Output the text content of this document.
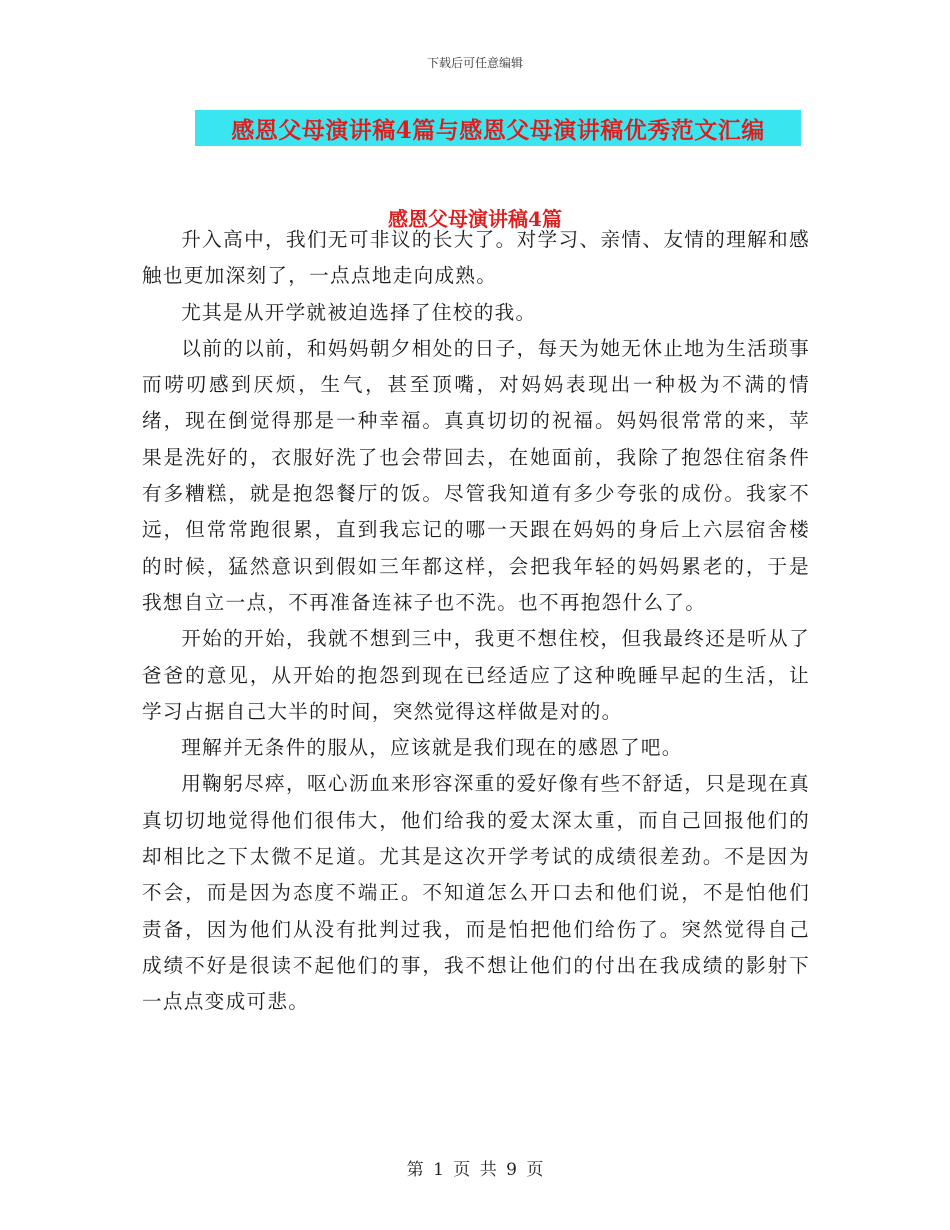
下载后可任意编辑
感恩父母演讲稿4篇与感恩父母演讲稿优秀范文汇编
感恩父母演讲稿4篇

升入高中，我们无可非议的长大了。对学习、亲情、友情的理解和感触也更加深刻了，一点点地走向成熟。

尤其是从开学就被迫选择了住校的我。

以前的以前，和妈妈朝夕相处的日子，每天为她无休止地为生活琐事而唠叨感到厌烦，生气，甚至顶嘴，对妈妈表现出一种极为不满的情绪，现在倒觉得那是一种幸福。真真切切的祝福。妈妈很常常的来，苹果是洗好的，衣服好洗了也会带回去，在她面前，我除了抱怨住宿条件有多糟糕，就是抱怨餐厅的饭。尽管我知道有多少夸张的成份。我家不远，但常常跑很累，直到我忘记的哪一天跟在妈妈的身后上六层宿舍楼的时候，猛然意识到假如三年都这样，会把我年轻的妈妈累老的，于是我想自立一点，不再准备连袜子也不洗。也不再抱怨什么了。

开始的开始，我就不想到三中，我更不想住校，但我最终还是听从了爸爸的意见，从开始的抱怨到现在已经适应了这种晚睡早起的生活，让学习占据自己大半的时间，突然觉得这样做是对的。

理解并无条件的服从，应该就是我们现在的感恩了吧。

用鞠躬尽瘁，呕心沥血来形容深重的爱好像有些不舒适，只是现在真真切切地觉得他们很伟大，他们给我的爱太深太重，而自己回报他们的却相比之下太微不足道。尤其是这次开学考试的成绩很差劲。不是因为不会，而是因为态度不端正。不知道怎么开口去和他们说，不是怕他们责备，因为他们从没有批判过我，而是怕把他们给伤了。突然觉得自己成绩不好是很读不起他们的事，我不想让他们的付出在我成绩的影射下一点点变成可悲。

第 1 页 共 9 页
